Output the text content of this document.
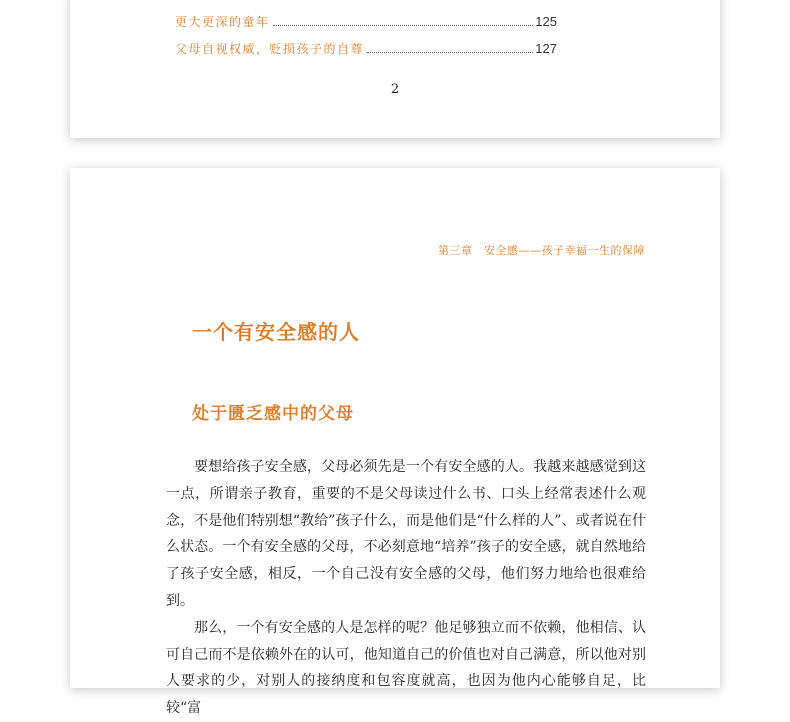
更大更深的童年	125
父母自视权威，贬损孩子的自尊	127
2
第三章　安全感——孩子幸福一生的保障
一个有安全感的人
处于匮乏感中的父母

要想给孩子安全感，父母必须先是一个有安全感的人。我越来越感觉到这一点，所谓亲子教育，重要的不是父母读过什么书、口头上经常表述什么观念，不是他们特别想“教给”孩子什么，而是他们是“什么样的人”、或者说在什么状态。一个有安全感的父母，不必刻意地“培养”孩子的安全感，就自然地给了孩子安全感，相反，一个自己没有安全感的父母，他们努力地给也很难给到。

那么，一个有安全感的人是怎样的呢？他足够独立而不依赖，他相信、认可自己而不是依赖外在的认可，他知道自己的价值也对自己满意，所以他对别人要求的少，对别人的接纳度和包容度就高，也因为他内心能够自足，比较“富
